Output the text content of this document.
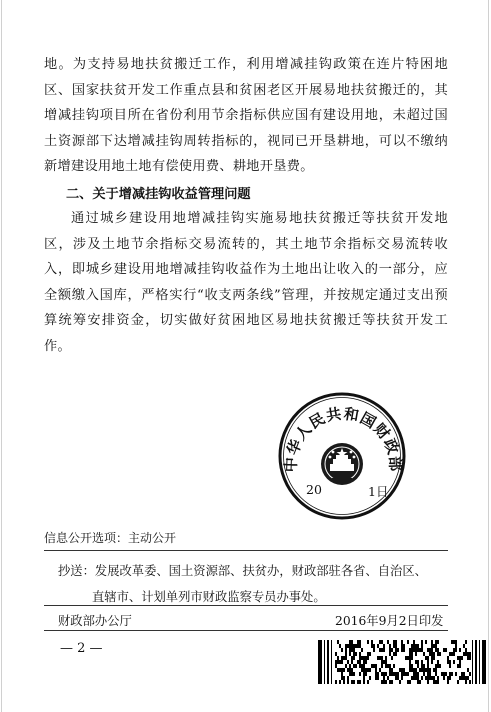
地。为支持易地扶贫搬迁工作，利用增减挂钩政策在连片特困地区、国家扶贫开发工作重点县和贫困老区开展易地扶贫搬迁的，其增减挂钩项目所在省份利用节余指标供应国有建设用地，未超过国土资源部下达增减挂钩周转指标的，视同已开垦耕地，可以不缴纳新增建设用地土地有偿使用费、耕地开垦费。

二、关于增减挂钩收益管理问题

通过城乡建设用地增减挂钩实施易地扶贫搬迁等扶贫开发地区，涉及土地节余指标交易流转的，其土地节余指标交易流转收入，即城乡建设用地增减挂钩收益作为土地出让收入的一部分，应全额缴入国库，严格实行“收支两条线”管理，并按规定通过支出预算统筹安排资金，切实做好贫困地区易地扶贫搬迁等扶贫开发工作。

中华人民共和国财政部
20	1日
信息公开选项：主动公开
抄送：发展改革委、国土资源部、扶贫办，财政部驻各省、自治区、
直辖市、计划单列市财政监察专员办事处。
财政部办公厅	2016年9月2日印发
— 2 —
